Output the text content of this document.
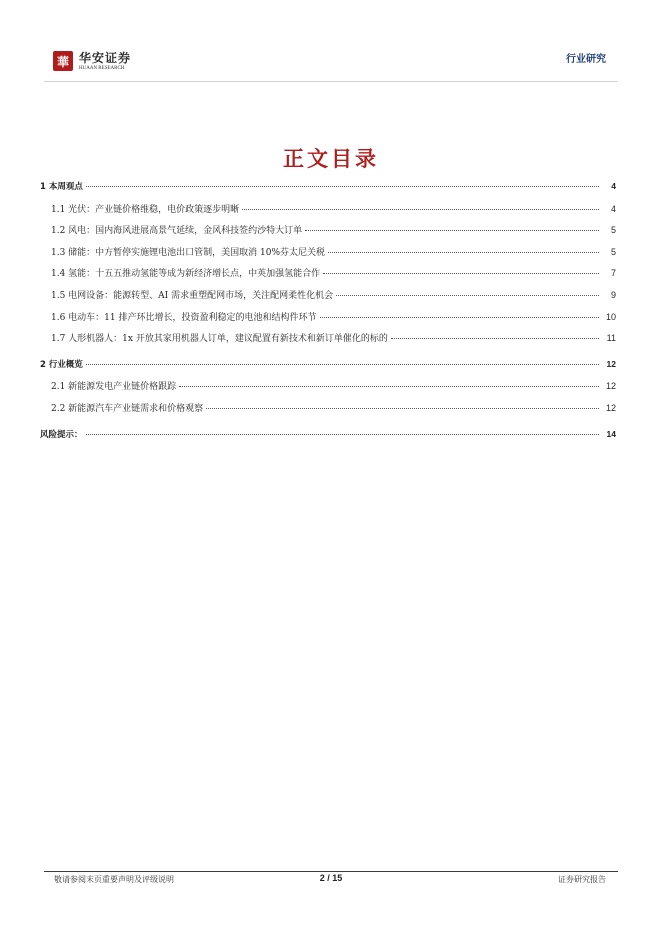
華 华安证券
HUAAN RESEARCH
行业研究
正文目录
1 本周观点	4
1.1 光伏：产业链价格维稳，电价政策逐步明晰	4
1.2 风电：国内海风进展高景气延续，金风科技签约沙特大订单	5
1.3 储能：中方暂停实施锂电池出口管制，美国取消 10%芬太尼关税	5
1.4 氢能：十五五推动氢能等成为新经济增长点，中英加强氢能合作	7
1.5 电网设备：能源转型、AI 需求重塑配网市场，关注配网柔性化机会	9
1.6 电动车：11 排产环比增长，投资盈利稳定的电池和结构件环节	10
1.7 人形机器人：1x 开放其家用机器人订单，建议配置有新技术和新订单催化的标的	11
2 行业概览	12
2.1 新能源发电产业链价格跟踪	12
2.2 新能源汽车产业链需求和价格观察	12
风险提示：	14
敬请参阅末页重要声明及评级说明	2 / 15	证券研究报告
